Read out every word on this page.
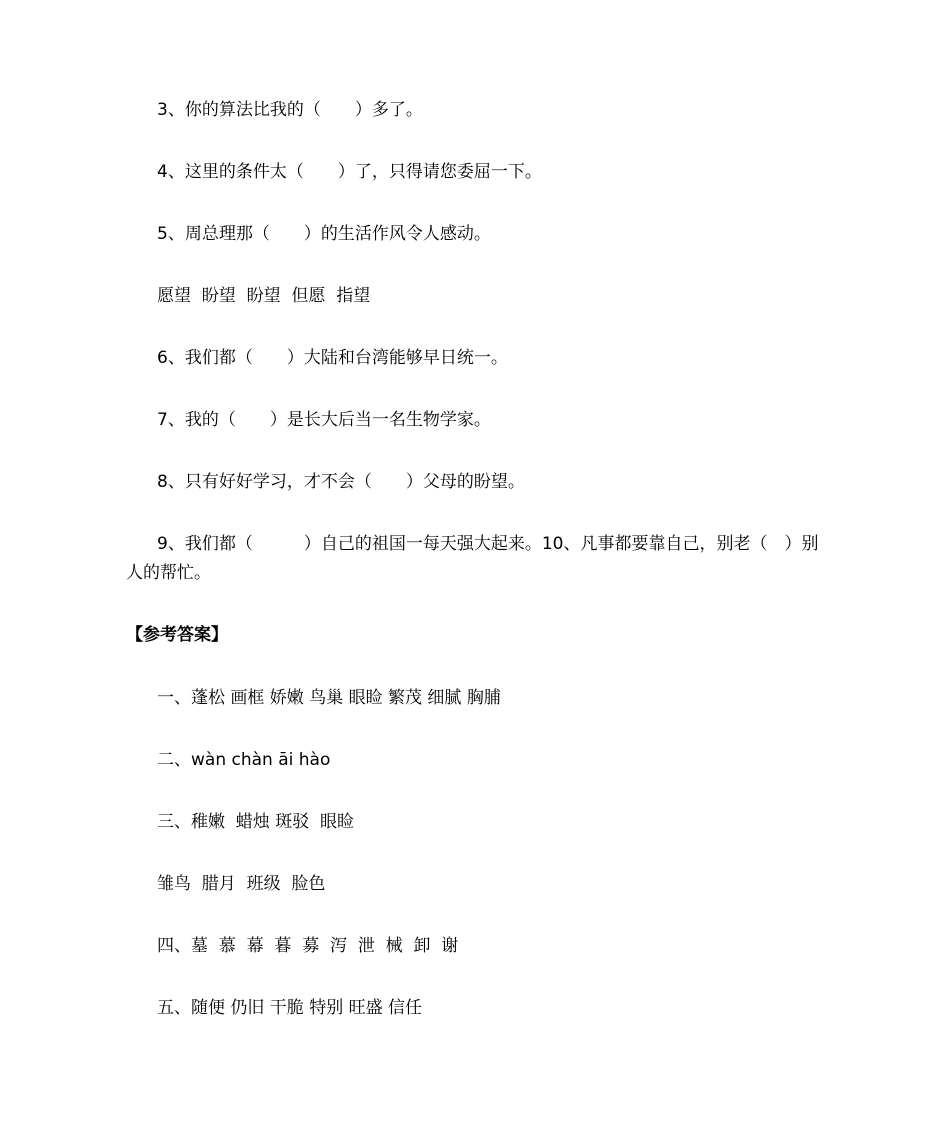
3、你的算法比我的（　　）多了。
4、这里的条件太（　　）了，只得请您委屈一下。
5、周总理那（　　）的生活作风令人感动。
愿望  盼望  盼望  但愿  指望
6、我们都（　　）大陆和台湾能够早日统一。
7、我的（　　）是长大后当一名生物学家。
8、只有好好学习，才不会（　　）父母的盼望。
9、我们都（　　　）自己的祖国一每天强大起来。10、凡事都要靠自己，别老（　）别人的帮忙。
【参考答案】
一、蓬松 画框 娇嫩 鸟巢 眼睑 繁茂 细腻 胸脯
二、wàn chàn āi hào
三、稚嫩  蜡烛 斑驳  眼睑
雏鸟  腊月  班级  脸色
四、墓  慕  幕  暮  募  泻  泄  械  卸  谢
五、随便 仍旧 干脆 特别 旺盛 信任
